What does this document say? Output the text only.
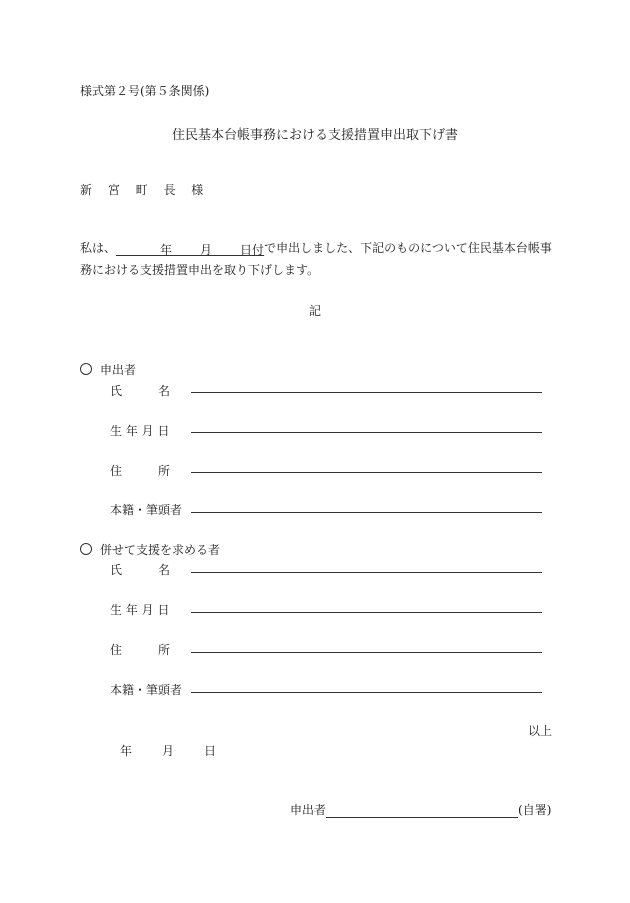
様式第２号(第５条関係)
住民基本台帳事務における支援措置申出取下げ書
新 宮 町 長 様
私は、	年 月 日付で申出しました、下記のものについて住民基本台帳事
務における支援措置申出を取り下げします。
記
申出者
氏　　　名
生 年 月 日
住　　　所
本籍・筆頭者
併せて支援を求める者
氏　　　名
生 年 月 日
住　　　所
本籍・筆頭者
以上
年	月	日
申出者	(自署)
